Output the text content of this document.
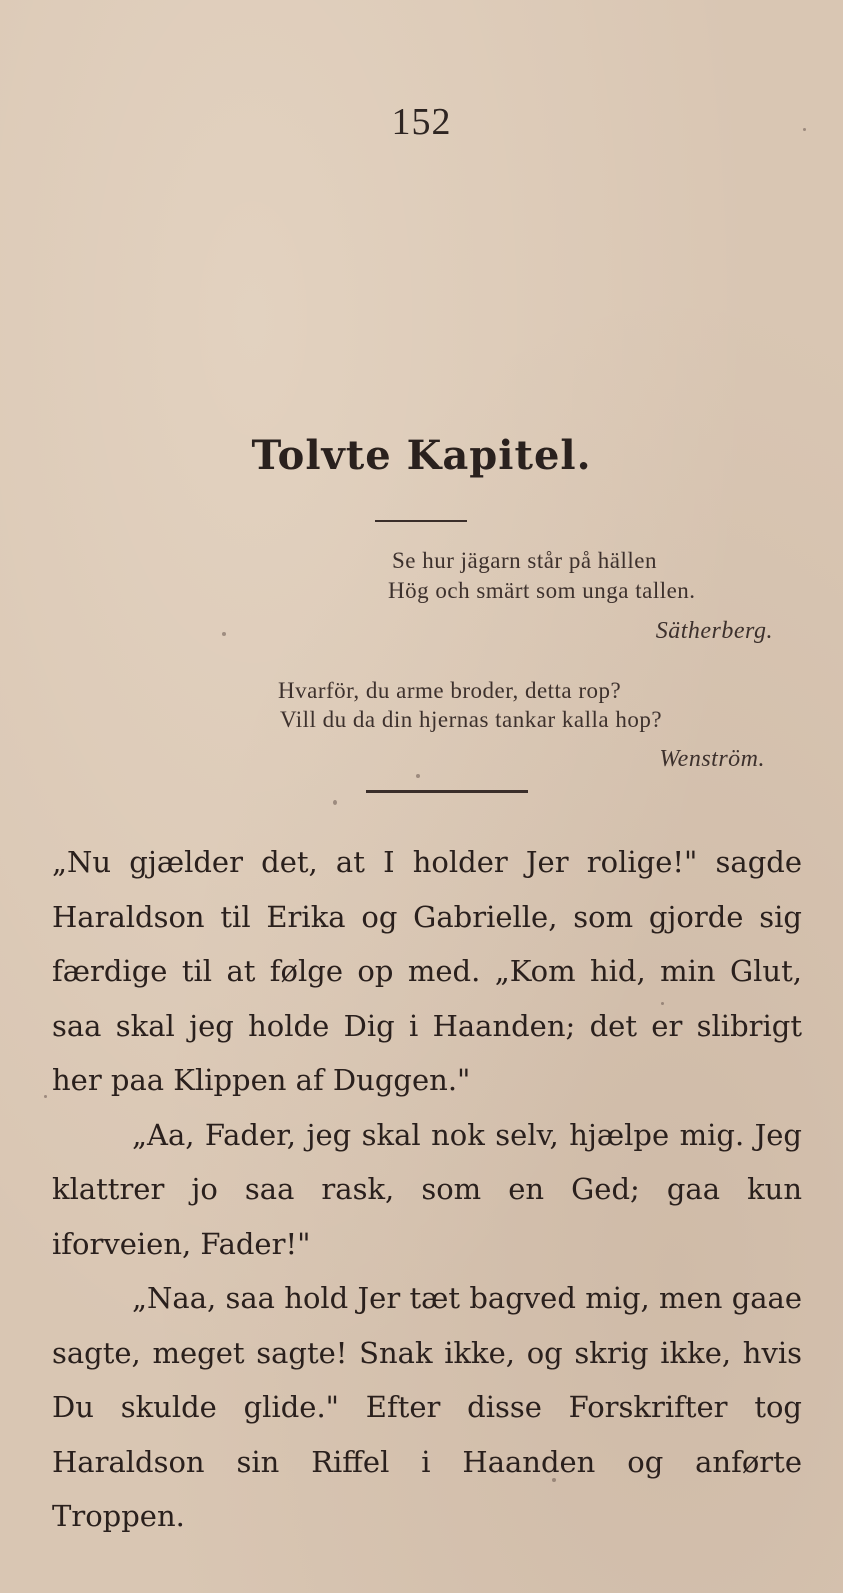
152
Tolvte Kapitel.
Se hur jägarn står på hällen
Hög och smärt som unga tallen.
Sätherberg.
Hvarför, du arme broder, detta rop?
Vill du da din hjernas tankar kalla hop?
Wenström.

„Nu gjælder det, at I holder Jer rolige!" sagde Haraldson til Erika og Gabrielle, som gjorde sig færdige til at følge op med. „Kom hid, min Glut, saa skal jeg holde Dig i Haanden; det er slibrigt her paa Klippen af Duggen."

„Aa, Fader, jeg skal nok selv, hjælpe mig. Jeg klattrer jo saa rask, som en Ged; gaa kun iforveien, Fader!"

„Naa, saa hold Jer tæt bagved mig, men gaae sagte, meget sagte! Snak ikke, og skrig ikke, hvis Du skulde glide." Efter disse Forskrifter tog Haraldson sin Riffel i Haanden og anførte Troppen.
